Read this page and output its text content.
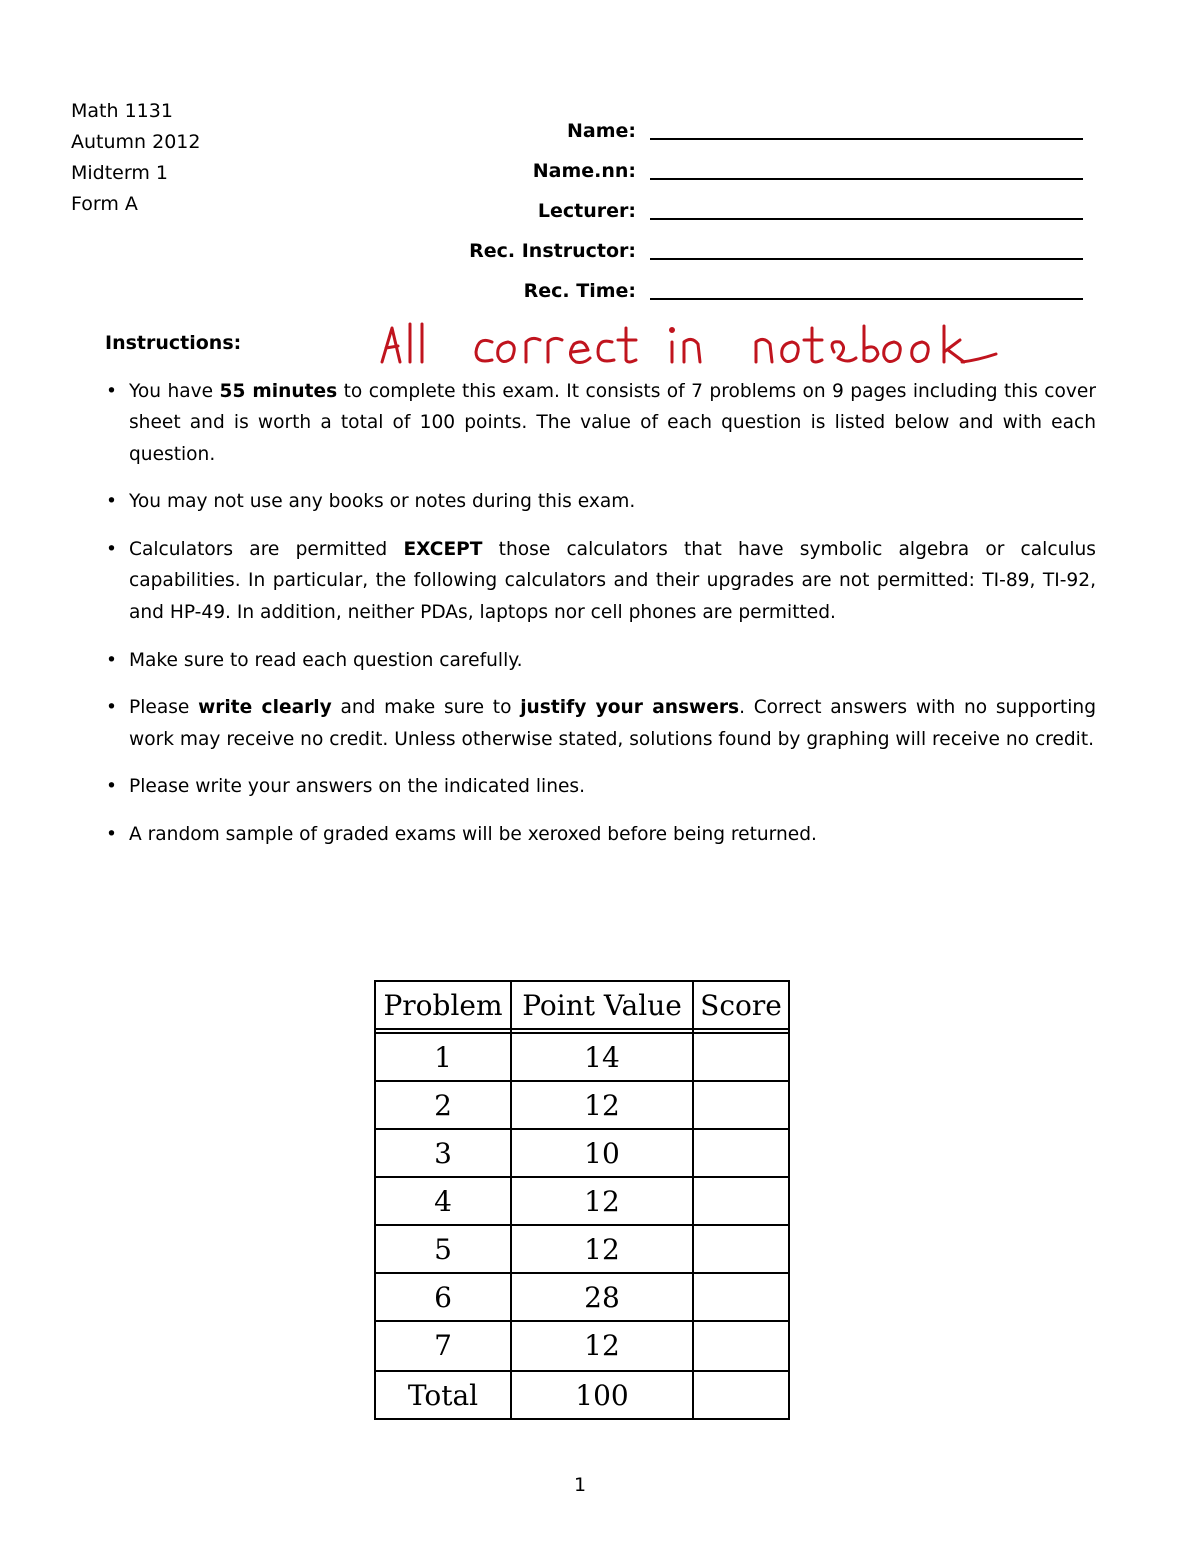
Math 1131
Autumn 2012
Midterm 1
Form A
Name:
Name.nn:
Lecturer:
Rec. Instructor:
Rec. Time:
Instructions:
• You have 55 minutes to complete this exam. It consists of 7 problems on 9 pages including this cover sheet and is worth a total of 100 points. The value of each question is listed below and with each question.
• You may not use any books or notes during this exam.
• Calculators are permitted EXCEPT those calculators that have symbolic algebra or calculus capabilities. In particular, the following calculators and their upgrades are not permitted: TI-89, TI-92, and HP-49. In addition, neither PDAs, laptops nor cell phones are permitted.
• Make sure to read each question carefully.
• Please write clearly and make sure to justify your answers. Correct answers with no supporting work may receive no credit. Unless otherwise stated, solutions found by graphing will receive no credit.
• Please write your answers on the indicated lines.
• A random sample of graded exams will be xeroxed before being returned.
Problem	Point Value	Score

1	14	
2	12	
3	10	
4	12	
5	12	
6	28	
7	12	

Total	100	
1
